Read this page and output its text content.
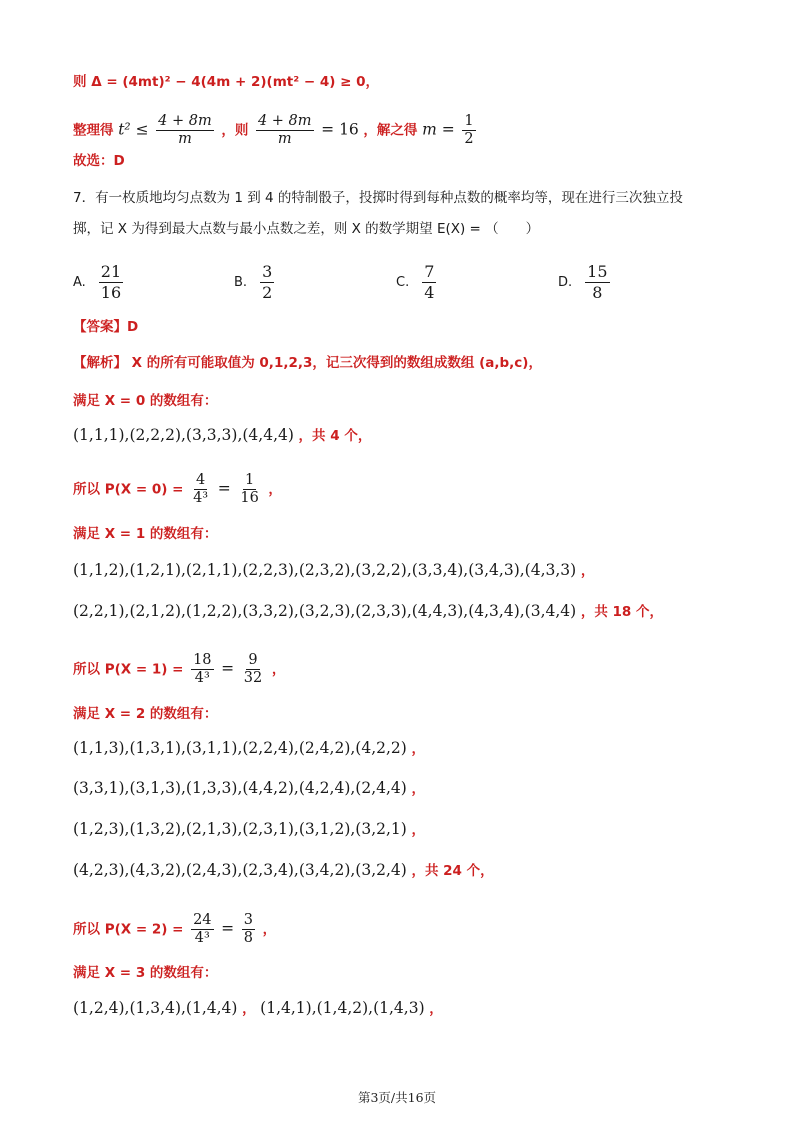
则 Δ = (4mt)² − 4(4m + 2)(mt² − 4) ≥ 0，
整理得 $t^2 \le \frac{4 + 8m}{m}$ ，则 $\frac{4 + 8m}{m} = 16$ ，解之得 $m = \frac{1}{2}$
故选：D
7．有一枚质地均匀点数为 1 到 4 的特制骰子，投掷时得到每种点数的概率均等，现在进行三次独立投
掷，记 X 为得到最大点数与最小点数之差，则 X 的数学期望 E(X) = （　　）
A. $\frac{21}{16}$	B. $\frac{3}{2}$	C. $\frac{7}{4}$	D. $\frac{15}{8}$
【答案】D
【解析】 X 的所有可能取值为 0,1,2,3，记三次得到的数组成数组 (a,b,c)，
满足 X = 0 的数组有：
(1,1,1),(2,2,2),(3,3,3),(4,4,4) ，共 4 个，
所以 $P(X = 0) = \frac{4}{\text{4³}} = \frac{1}{16}$ ，
满足 X = 1 的数组有：
(1,1,2),(1,2,1),(2,1,1),(2,2,3),(2,3,2),(3,2,2),(3,3,4),(3,4,3),(4,3,3) ，
(2,2,1),(2,1,2),(1,2,2),(3,3,2),(3,2,3),(2,3,3),(4,4,3),(4,3,4),(3,4,4) ，共 18 个，
所以 $P(X = 1) = \frac{18}{\text{4³}} = \frac{9}{32}$ ，
满足 X = 2 的数组有：
(1,1,3),(1,3,1),(3,1,1),(2,2,4),(2,4,2),(4,2,2) ，
(3,3,1),(3,1,3),(1,3,3),(4,4,2),(4,2,4),(2,4,4) ，
(1,2,3),(1,3,2),(2,1,3),(2,3,1),(3,1,2),(3,2,1) ，
(4,2,3),(4,3,2),(2,4,3),(2,3,4),(3,4,2),(3,2,4) ，共 24 个，
所以 $P(X = 2) = \frac{24}{\text{4³}} = \frac{3}{8}$ ，
满足 X = 3 的数组有：
(1,2,4),(1,3,4),(1,4,4) ， (1,4,1),(1,4,2),(1,4,3) ，
第3页/共16页
